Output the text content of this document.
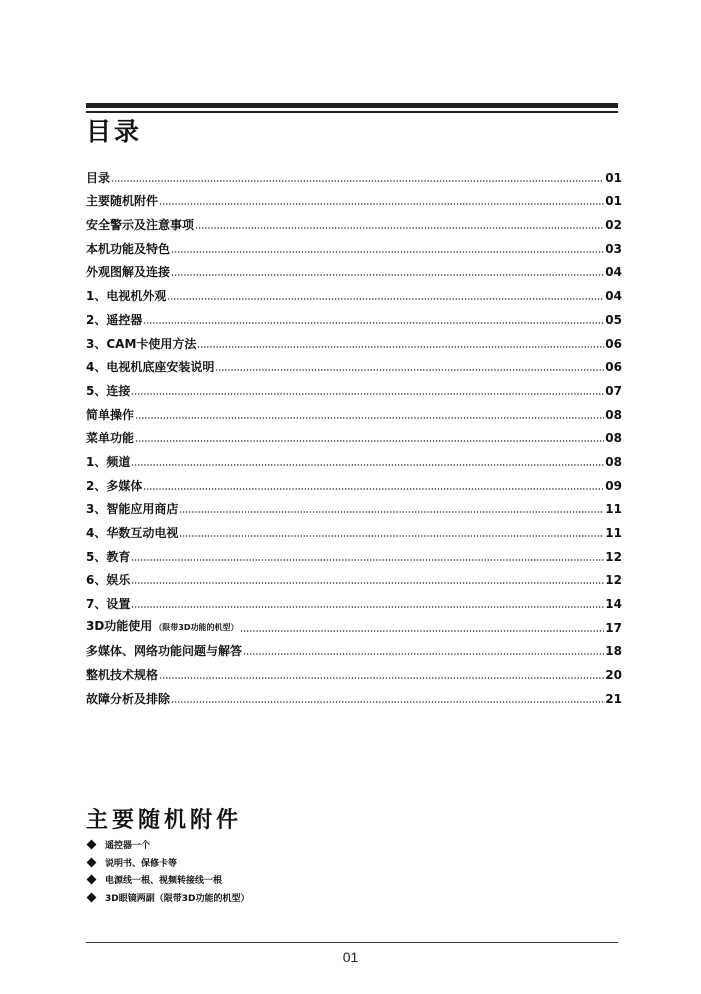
目录
目录	01
主要随机附件	01
安全警示及注意事项	02
本机功能及特色	03
外观图解及连接	04
1、电视机外观	04
2、遥控器	05
3、CAM卡使用方法	06
4、电视机底座安装说明	06
5、连接	07
简单操作	08
菜单功能	08
1、频道	08
2、多媒体	09
3、智能应用商店	11
4、华数互动电视	11
5、教育	12
6、娱乐	12
7、设置	14
3D功能使用 （限带3D功能的机型）	17
多媒体、网络功能问题与解答	18
整机技术规格	20
故障分析及排除	21
主要随机附件
遥控器一个
说明书、保修卡等
电源线一根、视频转接线一根
3D眼镜两副（限带3D功能的机型）
01
